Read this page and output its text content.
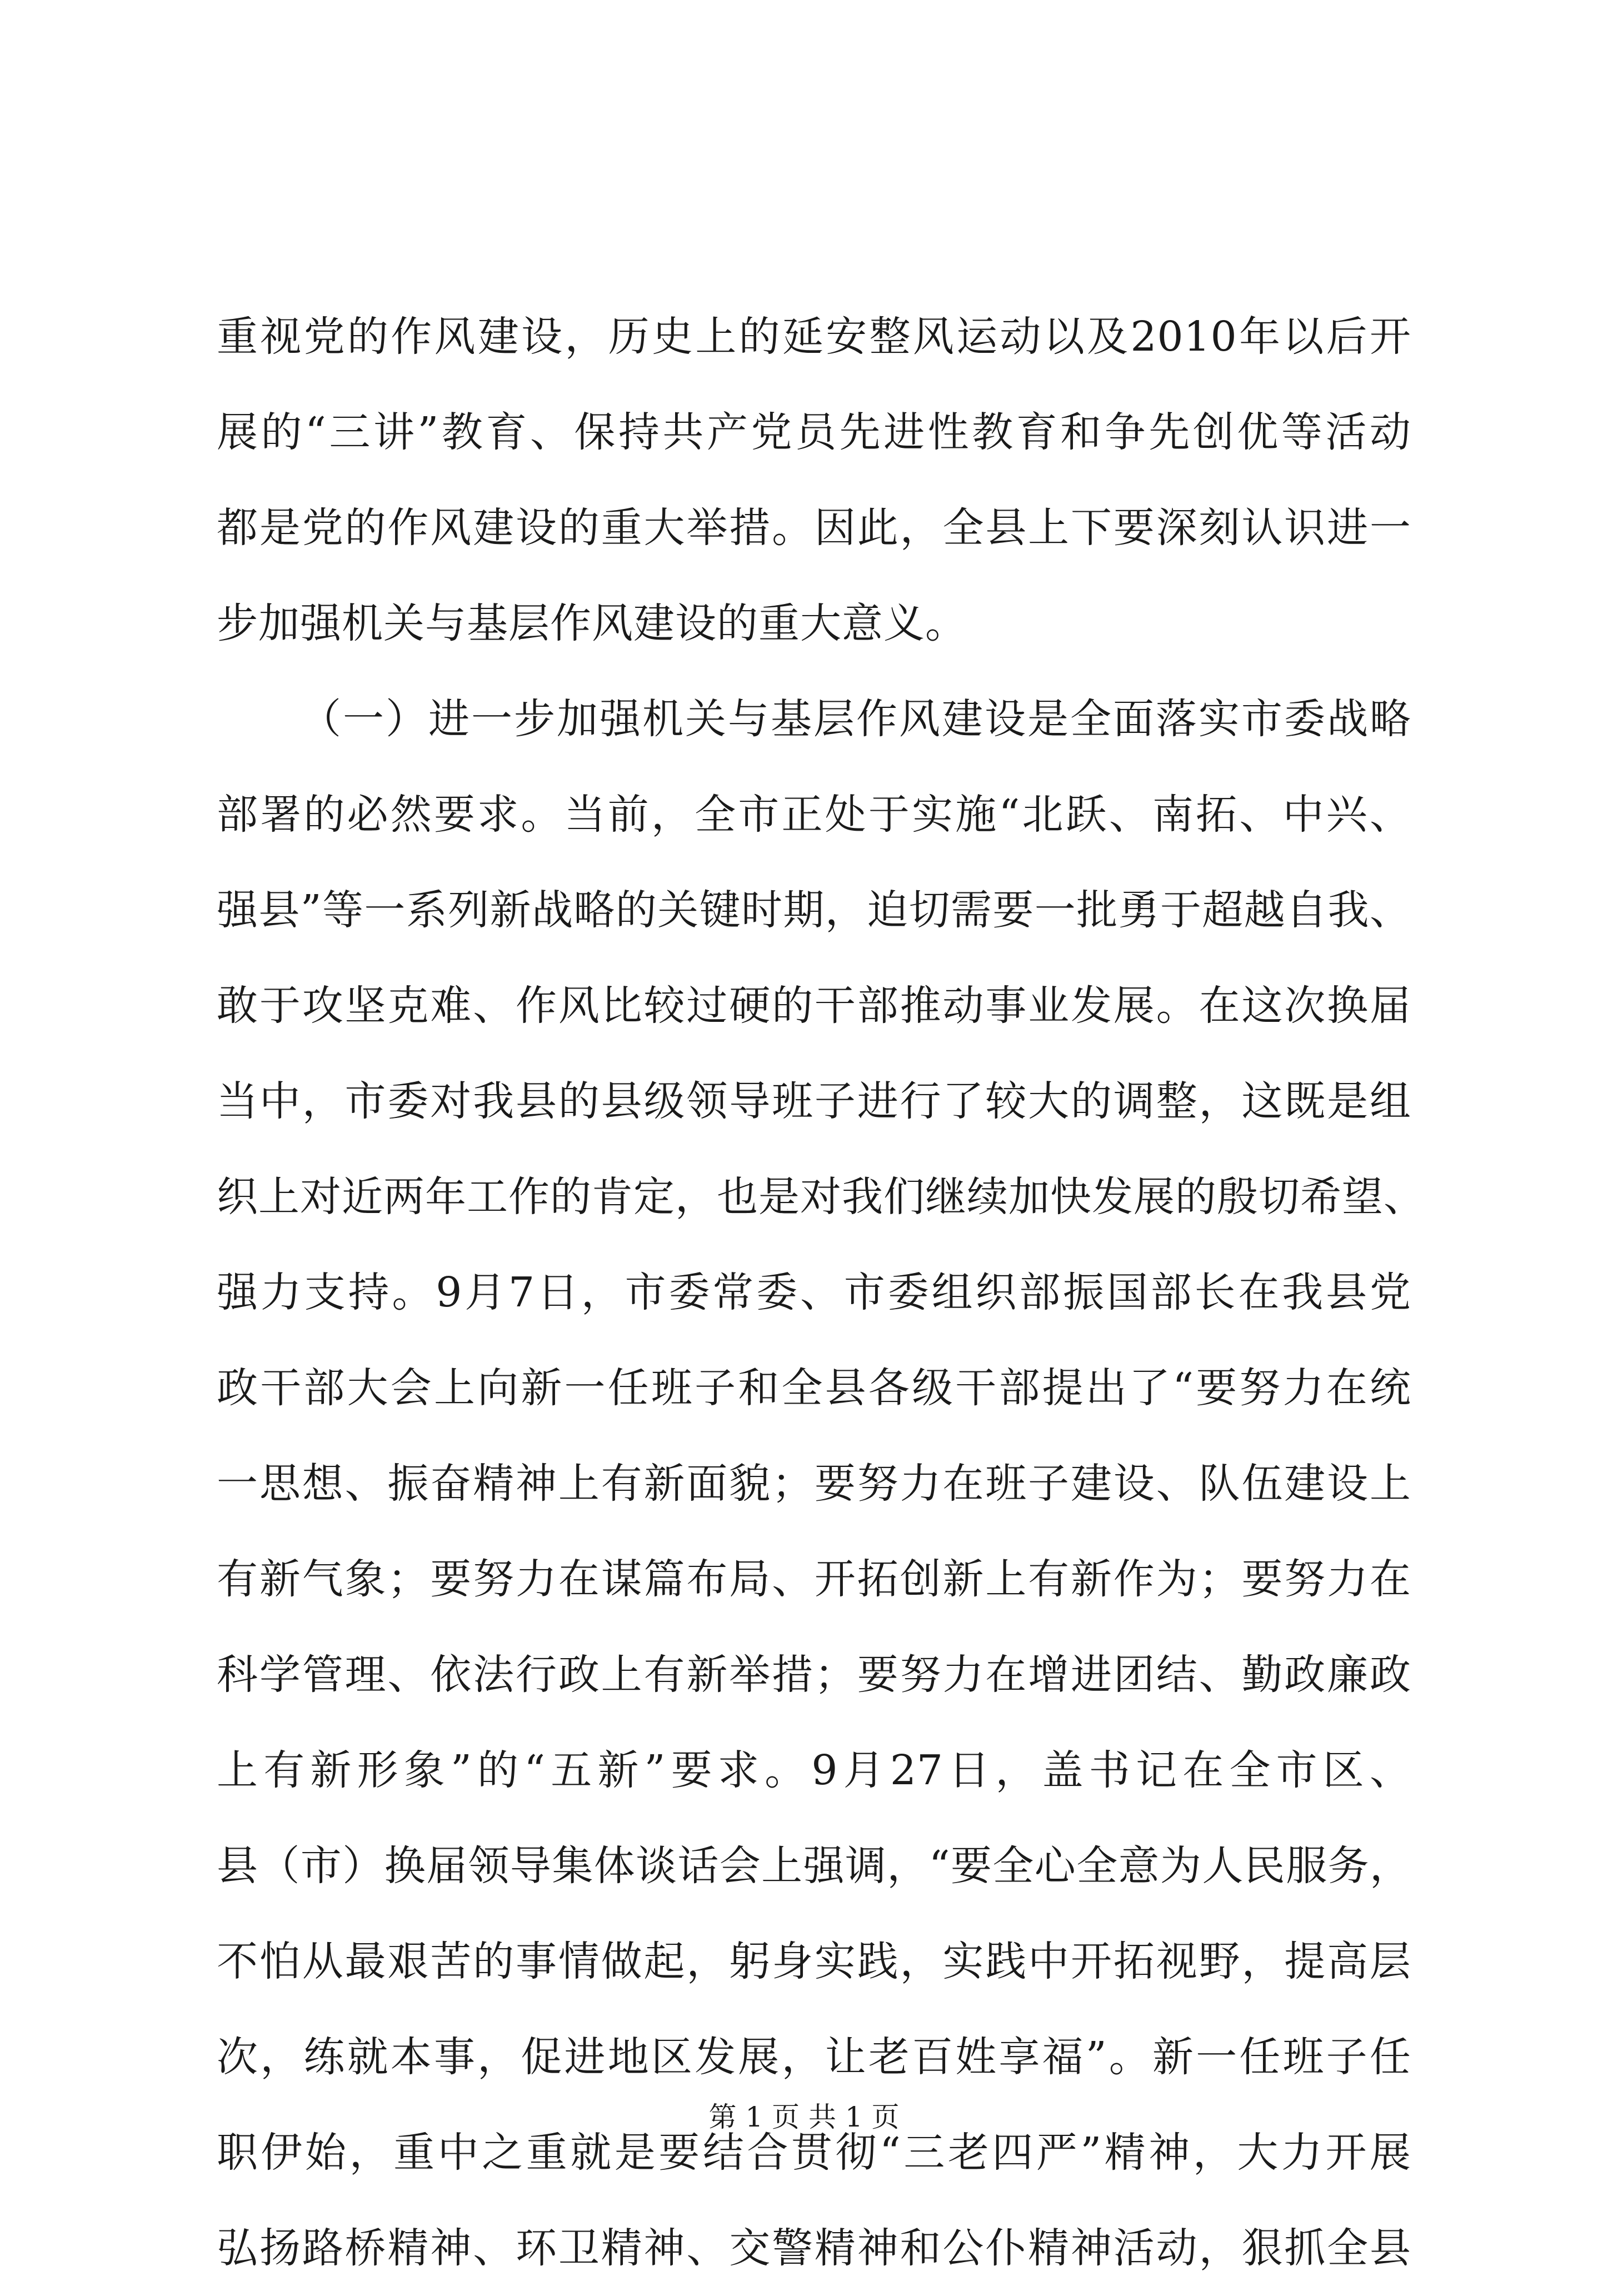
重视党的作风建设，历史上的延安整风运动以及2010年以后开
展的“三讲”教育、保持共产党员先进性教育和争先创优等活动
都是党的作风建设的重大举措。因此，全县上下要深刻认识进一
步加强机关与基层作风建设的重大意义。
（一）进一步加强机关与基层作风建设是全面落实市委战略
部署的必然要求。当前，全市正处于实施“北跃、南拓、中兴、
强县”等一系列新战略的关键时期，迫切需要一批勇于超越自我、
敢于攻坚克难、作风比较过硬的干部推动事业发展。在这次换届
当中，市委对我县的县级领导班子进行了较大的调整，这既是组
织上对近两年工作的肯定，也是对我们继续加快发展的殷切希望、
强力支持。9月7日，市委常委、市委组织部振国部长在我县党
政干部大会上向新一任班子和全县各级干部提出了“要努力在统
一思想、振奋精神上有新面貌；要努力在班子建设、队伍建设上
有新气象；要努力在谋篇布局、开拓创新上有新作为；要努力在
科学管理、依法行政上有新举措；要努力在增进团结、勤政廉政
上有新形象”的“五新”要求。9月27日，盖书记在全市区、
县（市）换届领导集体谈话会上强调，“要全心全意为人民服务，
不怕从最艰苦的事情做起，躬身实践，实践中开拓视野，提高层
次，练就本事，促进地区发展，让老百姓享福”。新一任班子任
职伊始，重中之重就是要结合贯彻“三老四严”精神，大力开展
弘扬路桥精神、环卫精神、交警精神和公仆精神活动，狠抓全县
第 1 页 共 1 页
